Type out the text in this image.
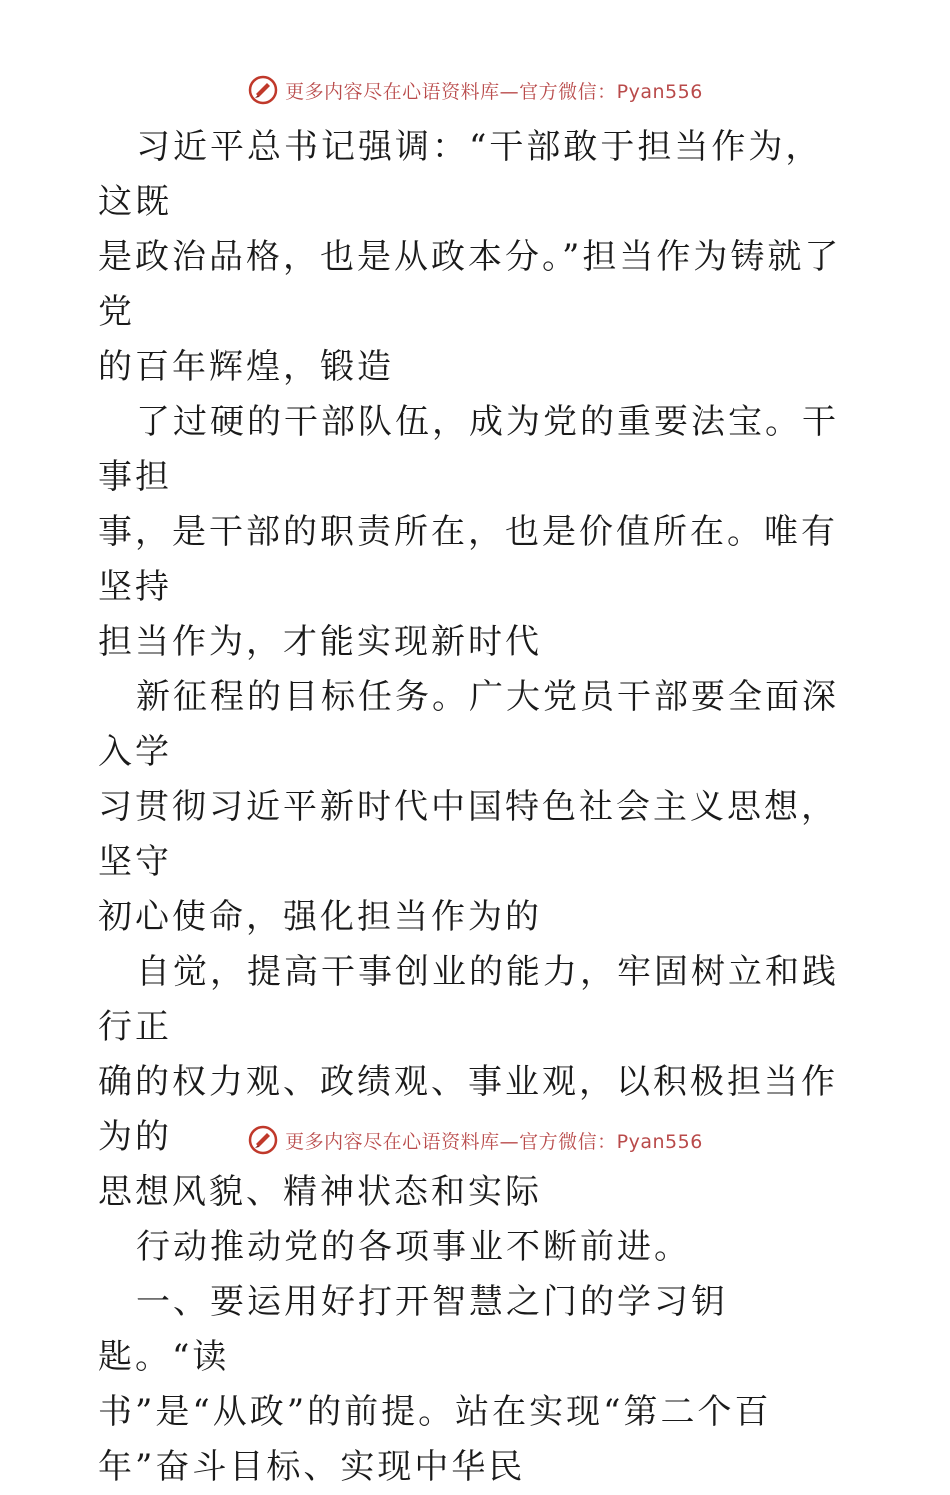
更多内容尽在心语资料库—官方微信：Pyan556

习近平总书记强调：“干部敢于担当作为，这既
是政治品格，也是从政本分。”担当作为铸就了党
的百年辉煌，锻造

了过硬的干部队伍，成为党的重要法宝。干事担
事，是干部的职责所在，也是价值所在。唯有坚持
担当作为，才能实现新时代

新征程的目标任务。广大党员干部要全面深入学
习贯彻习近平新时代中国特色社会主义思想，坚守
初心使命，强化担当作为的

自觉，提高干事创业的能力，牢固树立和践行正
确的权力观、政绩观、事业观，以积极担当作为的
思想风貌、精神状态和实际

行动推动党的各项事业不断前进。

一、要运用好打开智慧之门的学习钥匙。“读
书”是“从政”的前提。站在实现“第二个百
年”奋斗目标、实现中华民

更多内容尽在心语资料库—官方微信：Pyan556
